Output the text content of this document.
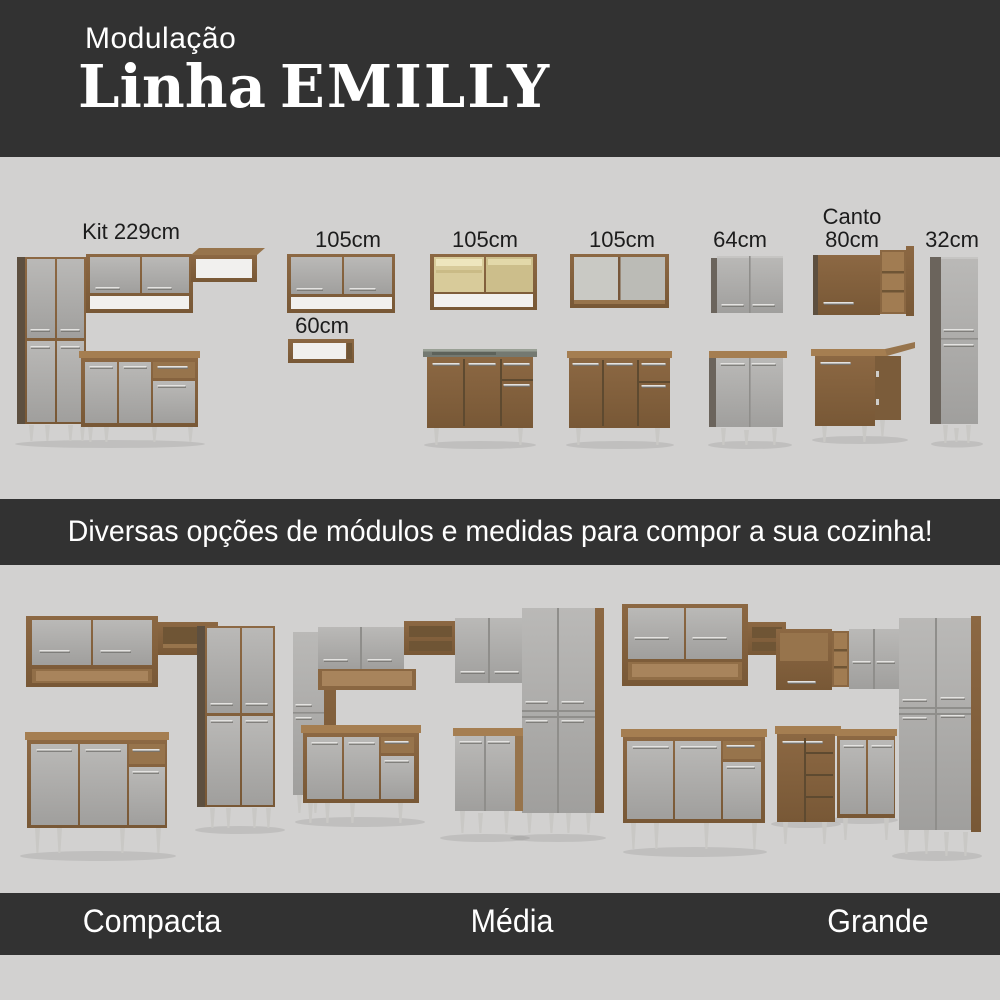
Modulação
Linha EMILLY
Diversas opções de módulos e medidas para compor a sua cozinha!
Kit 229cm	105cm
60cm
105cm	105cm	64cm
Canto
80cm	32cm
Compacta	Média	Grande
